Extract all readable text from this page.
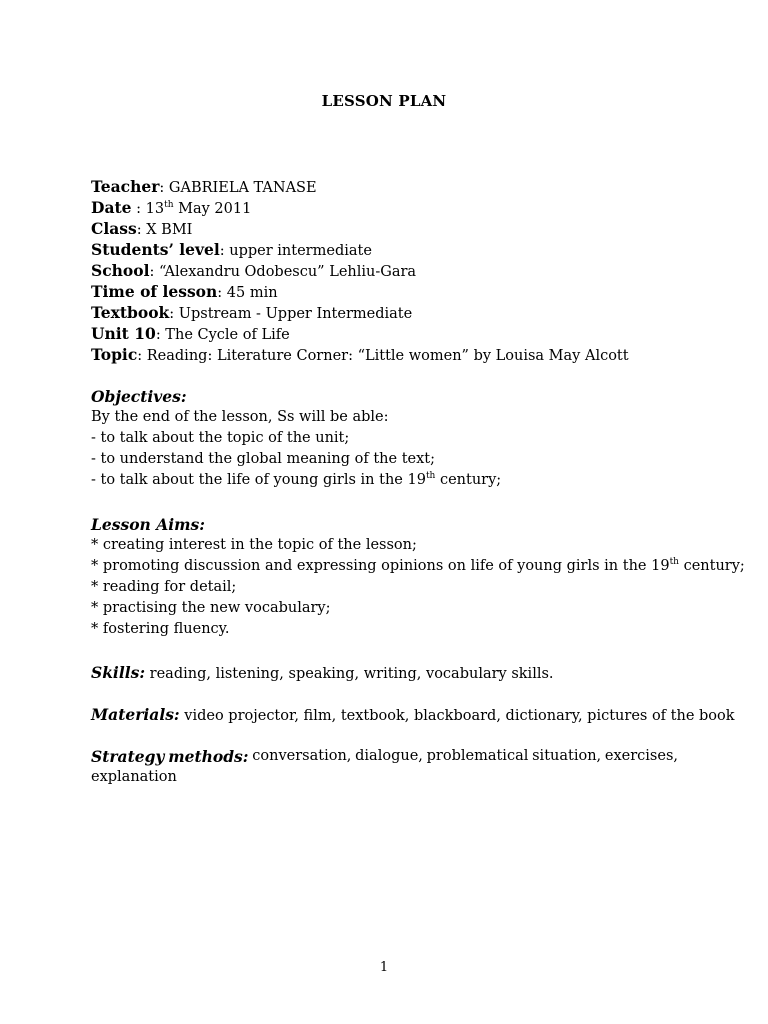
LESSON PLAN
Teacher: GABRIELA TANASE
Date : 13th May 2011
Class: X BMI
Students’ level: upper intermediate
School: “Alexandru Odobescu” Lehliu-Gara
Time of lesson: 45 min
Textbook: Upstream - Upper Intermediate
Unit 10: The Cycle of Life
Topic: Reading: Literature Corner: “Little women” by Louisa May Alcott
Objectives:
By the end of the lesson, Ss will be able:
- to talk about the topic of the unit;
- to understand the global meaning of the text;
- to talk about the life of young girls in the 19th century;
Lesson Aims:
* creating interest in the topic of the lesson;
* promoting discussion and expressing opinions on life of young girls in the 19th century;
* reading for detail;
* practising the new vocabulary;
* fostering fluency.
Skills: reading, listening, speaking, writing, vocabulary skills.
Materials: video projector, film, textbook, blackboard, dictionary, pictures of the book
Strategy methods: conversation, dialogue, problematical situation, exercises,
explanation
1
